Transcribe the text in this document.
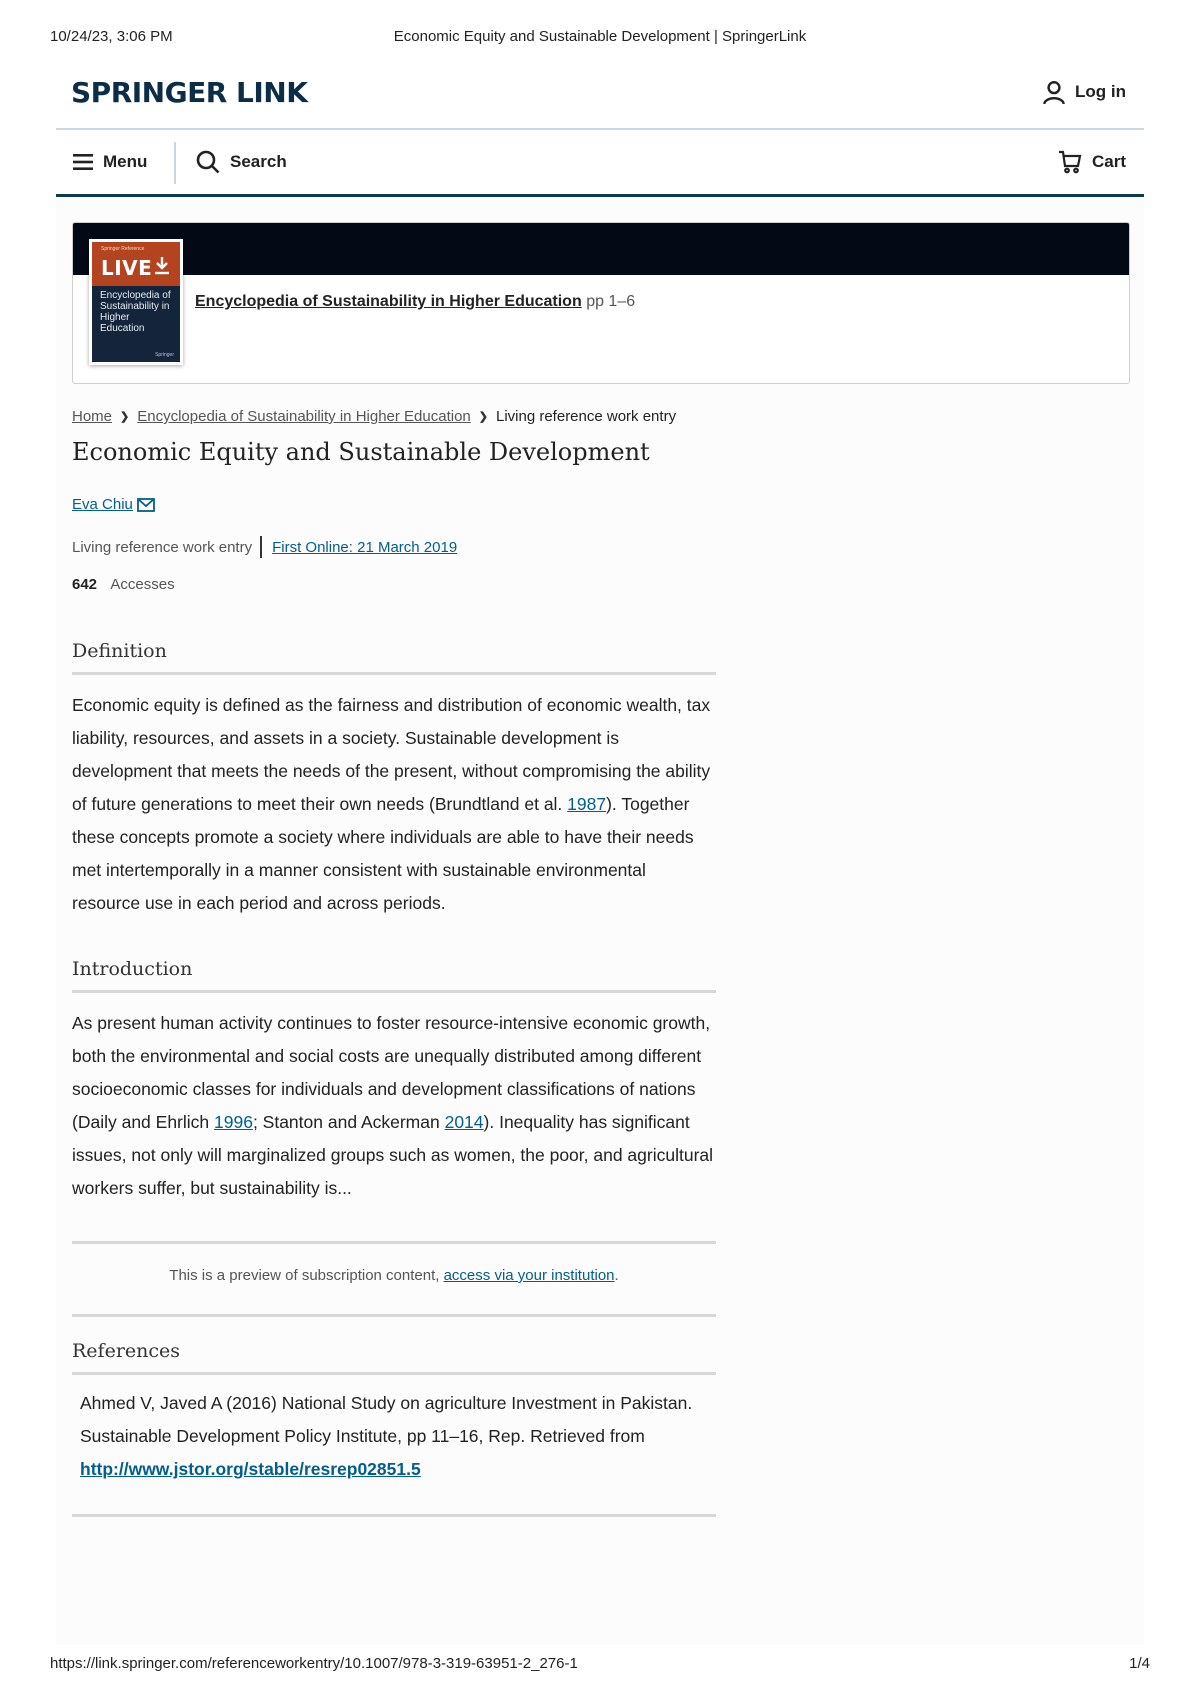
10/24/23, 3:06 PM	Economic Equity and Sustainable Development | SpringerLink
SPRINGER LINK	Log in
Menu	Search	Cart
Springer Reference
LIVE
Encyclopedia of Sustainability in Higher Education
Springer
Encyclopedia of Sustainability in Higher Education pp 1–6
Home ❯ Encyclopedia of Sustainability in Higher Education ❯ Living reference work entry
Economic Equity and Sustainable Development
Eva Chiu
Living reference work entry First Online: 21 March 2019
642 Accesses
Definition

Economic equity is defined as the fairness and distribution of economic wealth, tax liability, resources, and assets in a society. Sustainable development is development that meets the needs of the present, without compromising the ability of future generations to meet their own needs (Brundtland et al. 1987). Together these concepts promote a society where individuals are able to have their needs met intertemporally in a manner consistent with sustainable environmental resource use in each period and across periods.

Introduction

As present human activity continues to foster resource-intensive economic growth, both the environmental and social costs are unequally distributed among different socioeconomic classes for individuals and development classifications of nations (Daily and Ehrlich 1996; Stanton and Ackerman 2014). Inequality has significant issues, not only will marginalized groups such as women, the poor, and agricultural workers suffer, but sustainability is...

This is a preview of subscription content, access via your institution.
References
Ahmed V, Javed A (2016) National Study on agriculture Investment in Pakistan. Sustainable Development Policy Institute, pp 11–16, Rep. Retrieved from http://www.jstor.org/stable/resrep02851.5
https://link.springer.com/referenceworkentry/10.1007/978-3-319-63951-2_276-1	1/4
